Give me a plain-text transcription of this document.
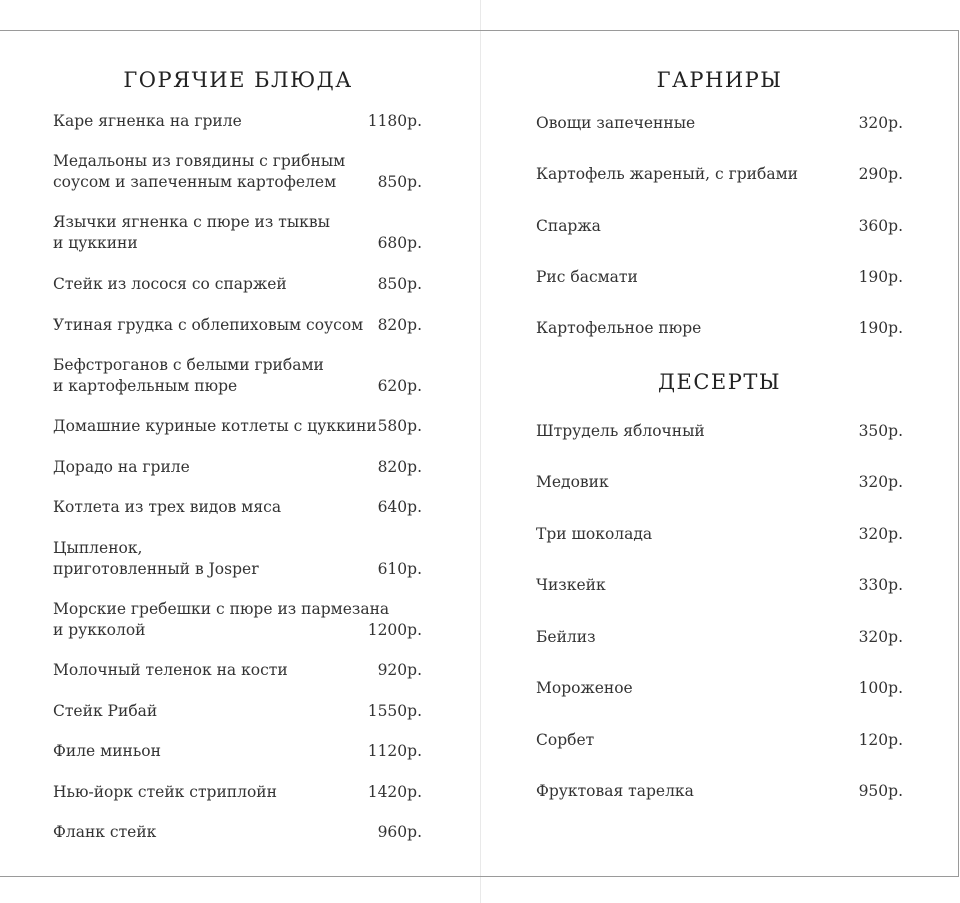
ГОРЯЧИЕ БЛЮДА
Каре ягненка на гриле	1180р.
Медальоны из говядины с грибным
соусом и запеченным картофелем	850р.
Язычки ягненка с пюре из тыквы
и цуккини	680р.
Стейк из лосося со спаржей	850р.
Утиная грудка с облепиховым соусом 820р.
Бефстроганов с белыми грибами
и картофельным пюре	620р.
Домашние куриные котлеты с цуккини 580р.
Дорадо на гриле	820р.
Котлета из трех видов мяса	640р.
Цыпленок,
приготовленный в Josper	610р.
Морские гребешки с пюре из пармезана
и рукколой	1200р.
Молочный теленок на кости	920р.
Стейк Рибай	1550р.
Филе миньон	1120р.
Нью-йорк стейк стриплойн	1420р.
Фланк стейк	960р.
ГАРНИРЫ
Овощи запеченные	320р.
Картофель жареный, с грибами	290р.
Спаржа	360р.
Рис басмати	190р.
Картофельное пюре	190р.
ДЕСЕРТЫ
Штрудель яблочный	350р.
Медовик	320р.
Три шоколада	320р.
Чизкейк	330р.
Бейлиз	320р.
Мороженое	100р.
Сорбет	120р.
Фруктовая тарелка	950р.
